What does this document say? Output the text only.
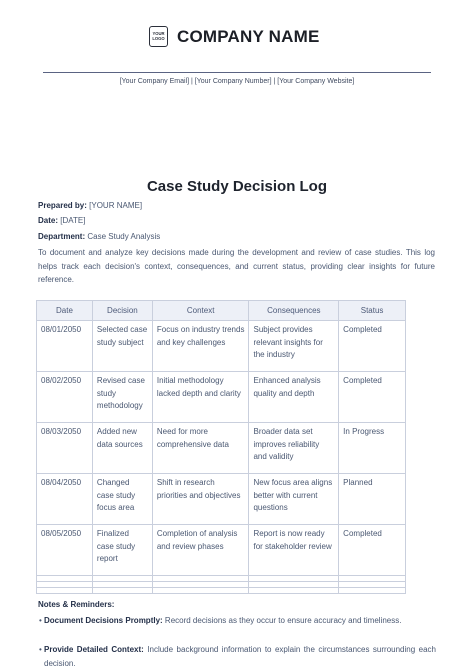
YOUR LOGO COMPANY NAME
[Your Company Email] | [Your Company Number] | [Your Company Website]
Case Study Decision Log
Prepared by: [YOUR NAME]
Date: [DATE]
Department: Case Study Analysis
To document and analyze key decisions made during the development and review of case studies. This log helps track each decision's context, consequences, and current status, providing clear insights for future reference.
Date	Decision	Context	Consequences	Status
08/01/2050	Selected case study subject	Focus on industry trends and key challenges	Subject provides relevant insights for the industry	Completed
08/02/2050	Revised case study methodology	Initial methodology lacked depth and clarity	Enhanced analysis quality and depth	Completed
08/03/2050	Added new data sources	Need for more comprehensive data	Broader data set improves reliability and validity	In Progress
08/04/2050	Changed case study focus area	Shift in research priorities and objectives	New focus area aligns better with current questions	Planned
08/05/2050	Finalized case study report	Completion of analysis and review phases	Report is now ready for stakeholder review	Completed

Notes & Reminders:
• Document Decisions Promptly: Record decisions as they occur to ensure accuracy and timeliness.
• Provide Detailed Context: Include background information to explain the circumstances surrounding each decision.
